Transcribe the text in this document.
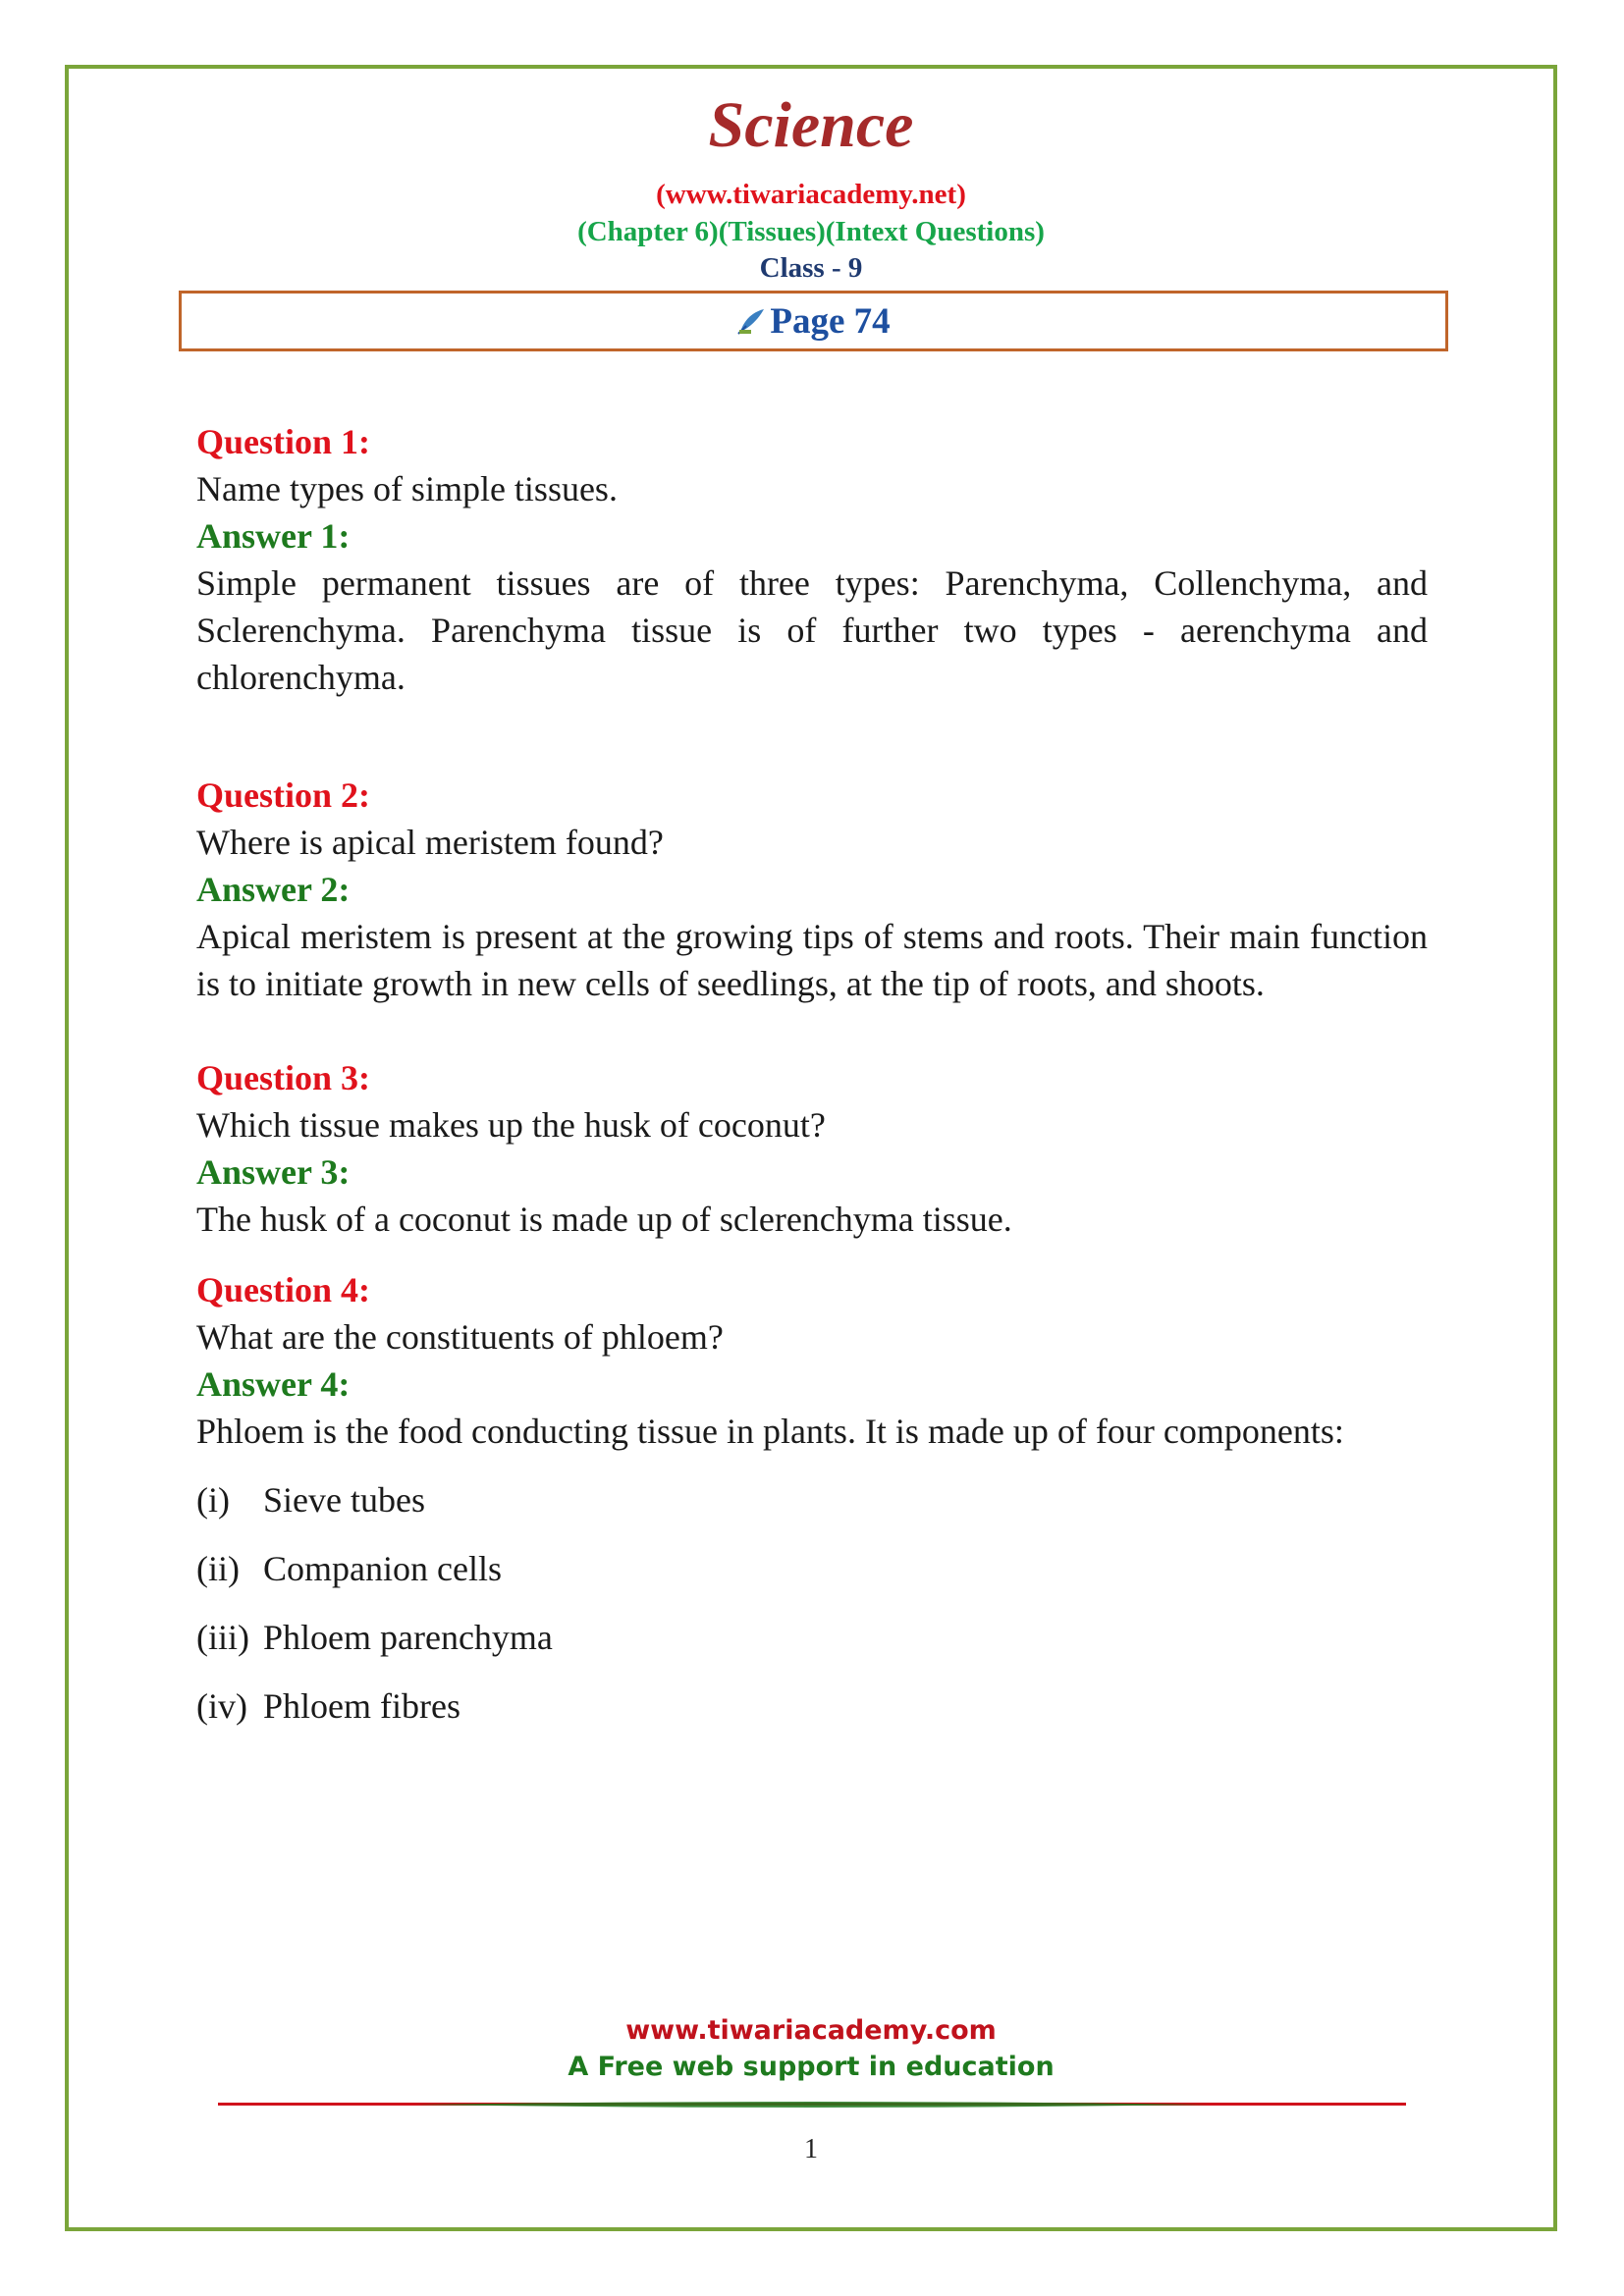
Science
(www.tiwariacademy.net)
(Chapter 6)(Tissues)(Intext Questions)
Class - 9
Page 74
Question 1:
Name types of simple tissues.
Answer 1:
Simple permanent tissues are of three types: Parenchyma, Collenchyma, and Sclerenchyma. Parenchyma tissue is of further two types - aerenchyma and chlorenchyma.
Question 2:
Where is apical meristem found?
Answer 2:
Apical meristem is present at the growing tips of stems and roots. Their main function is to initiate growth in new cells of seedlings, at the tip of roots, and shoots.
Question 3:
Which tissue makes up the husk of coconut?
Answer 3:
The husk of a coconut is made up of sclerenchyma tissue.
Question 4:
What are the constituents of phloem?
Answer 4:
Phloem is the food conducting tissue in plants. It is made up of four components:
(i) Sieve tubes
(ii) Companion cells
(iii) Phloem parenchyma
(iv) Phloem fibres
www.tiwariacademy.com
A Free web support in education
1
